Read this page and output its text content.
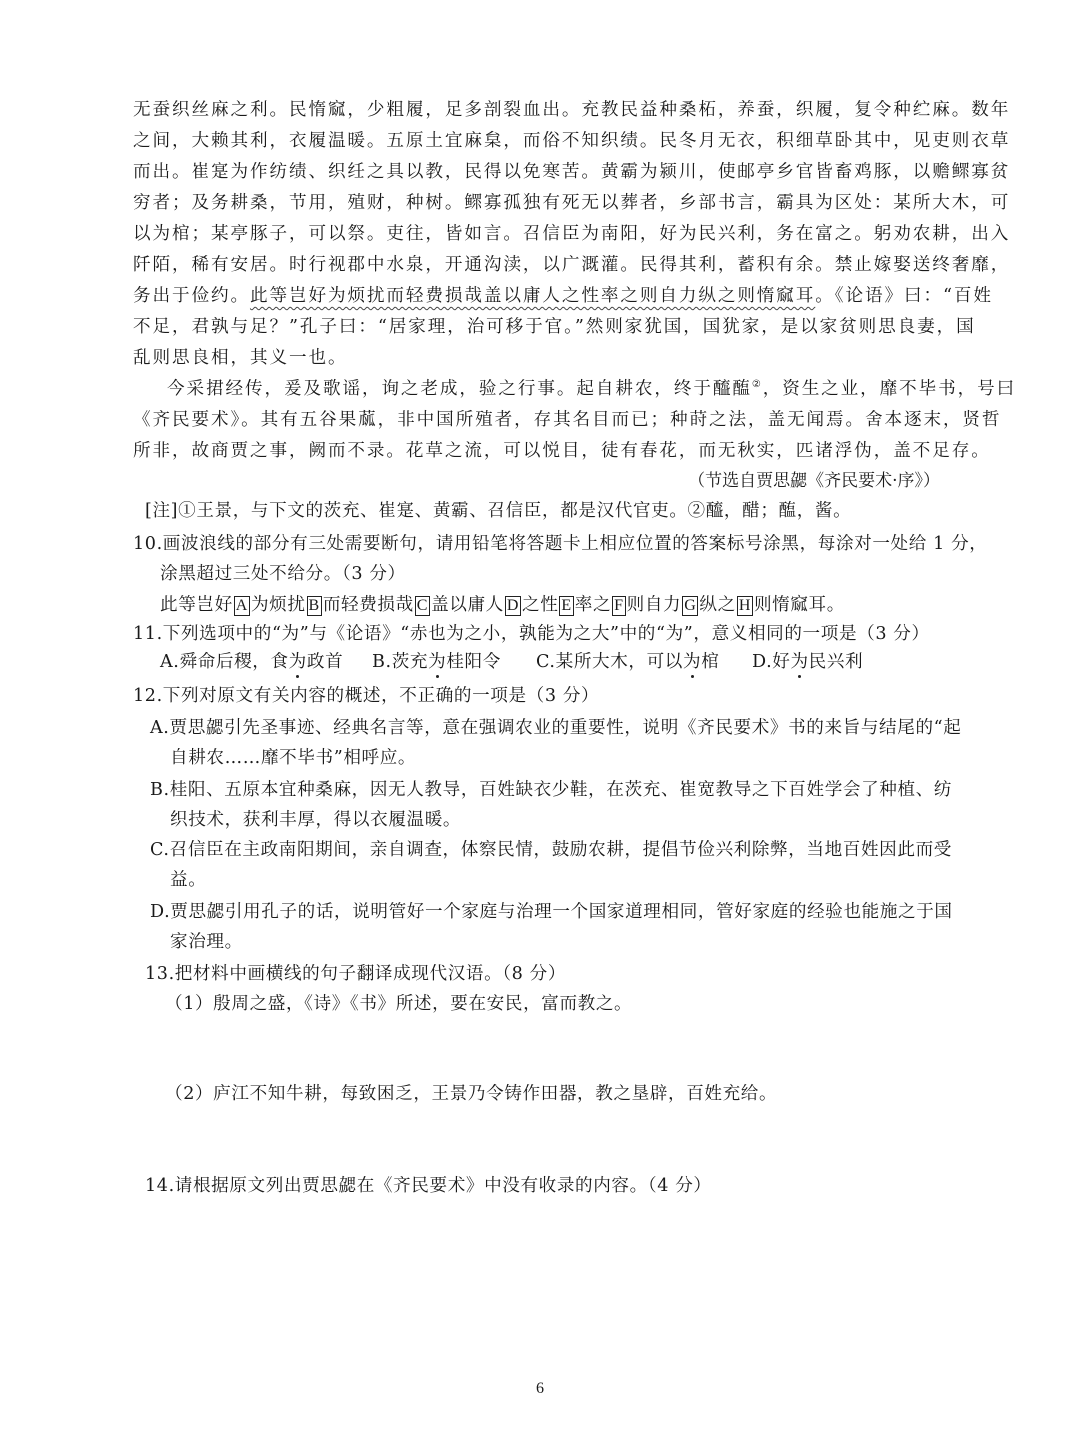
无蚕织丝麻之利。民惰窳，少粗履，足多剖裂血出。充教民益种桑柘，养蚕，织履，复令种纻麻。数年
之间，大赖其利，衣履温暖。五原土宜麻枲，而俗不知织绩。民冬月无衣，积细草卧其中，见吏则衣草
而出。崔寔为作纺绩、织纴之具以教，民得以免寒苦。黄霸为颍川，使邮亭乡官皆畜鸡豚，以赡鳏寡贫
穷者；及务耕桑，节用，殖财，种树。鳏寡孤独有死无以葬者，乡部书言，霸具为区处：某所大木，可
以为棺；某亭豚子，可以祭。吏往，皆如言。召信臣为南阳，好为民兴利，务在富之。躬劝农耕，出入
阡陌，稀有安居。时行视郡中水泉，开通沟渎，以广溉灌。民得其利，蓄积有余。禁止嫁娶送终奢靡，
务出于俭约。此等岂好为烦扰而轻费损哉盖以庸人之性率之则自力纵之则惰窳耳。《论语》曰：“百姓
不足，君孰与足？”孔子曰：“居家理，治可移于官。”然则家犹国，国犹家，是以家贫则思良妻，国
乱则思良相，其义一也。
今采捃经传，爰及歌谣，询之老成，验之行事。起自耕农，终于醯醢②，资生之业，靡不毕书，号曰
《齐民要术》。其有五谷果蓏，非中国所殖者，存其名目而已；种莳之法，盖无闻焉。舍本逐末，贤哲
所非，故商贾之事，阙而不录。花草之流，可以悦目，徒有春花，而无秋实，匹诸浮伪，盖不足存。
（节选自贾思勰《齐民要术·序》）
[注]①王景，与下文的茨充、崔寔、黄霸、召信臣，都是汉代官吏。②醯，醋；醢，酱。
10.画波浪线的部分有三处需要断句，请用铅笔将答题卡上相应位置的答案标号涂黑，每涂对一处给 1 分，
涂黑超过三处不给分。（3 分）
此等岂好 A 为烦扰 B 而轻费损哉 C 盖以庸人 D 之性 E 率之 F 则自力 G 纵之 H 则惰窳耳。
11.下列选项中的“为”与《论语》“赤也为之小，孰能为之大”中的“为”，意义相同的一项是（3 分）
A.舜命后稷，食为政首	B.茨充为桂阳令	C.某所大木，可以为棺	D.好为民兴利
12.下列对原文有关内容的概述，不正确的一项是（3 分）
A.贾思勰引先圣事迹、经典名言等，意在强调农业的重要性，说明《齐民要术》书的来旨与结尾的“起
自耕农……靡不毕书”相呼应。
B.桂阳、五原本宜种桑麻，因无人教导，百姓缺衣少鞋，在茨充、崔宽教导之下百姓学会了种植、纺
织技术，获利丰厚，得以衣履温暖。
C.召信臣在主政南阳期间，亲自调查，体察民情，鼓励农耕，提倡节俭兴利除弊，当地百姓因此而受
益。
D.贾思勰引用孔子的话，说明管好一个家庭与治理一个国家道理相同，管好家庭的经验也能施之于国
家治理。
13.把材料中画横线的句子翻译成现代汉语。（8 分）
（1）殷周之盛，《诗》《书》所述，要在安民，富而教之。
（2）庐江不知牛耕，每致困乏，王景乃令铸作田器，教之垦辟，百姓充给。
14.请根据原文列出贾思勰在《齐民要术》中没有收录的内容。（4 分）
6
